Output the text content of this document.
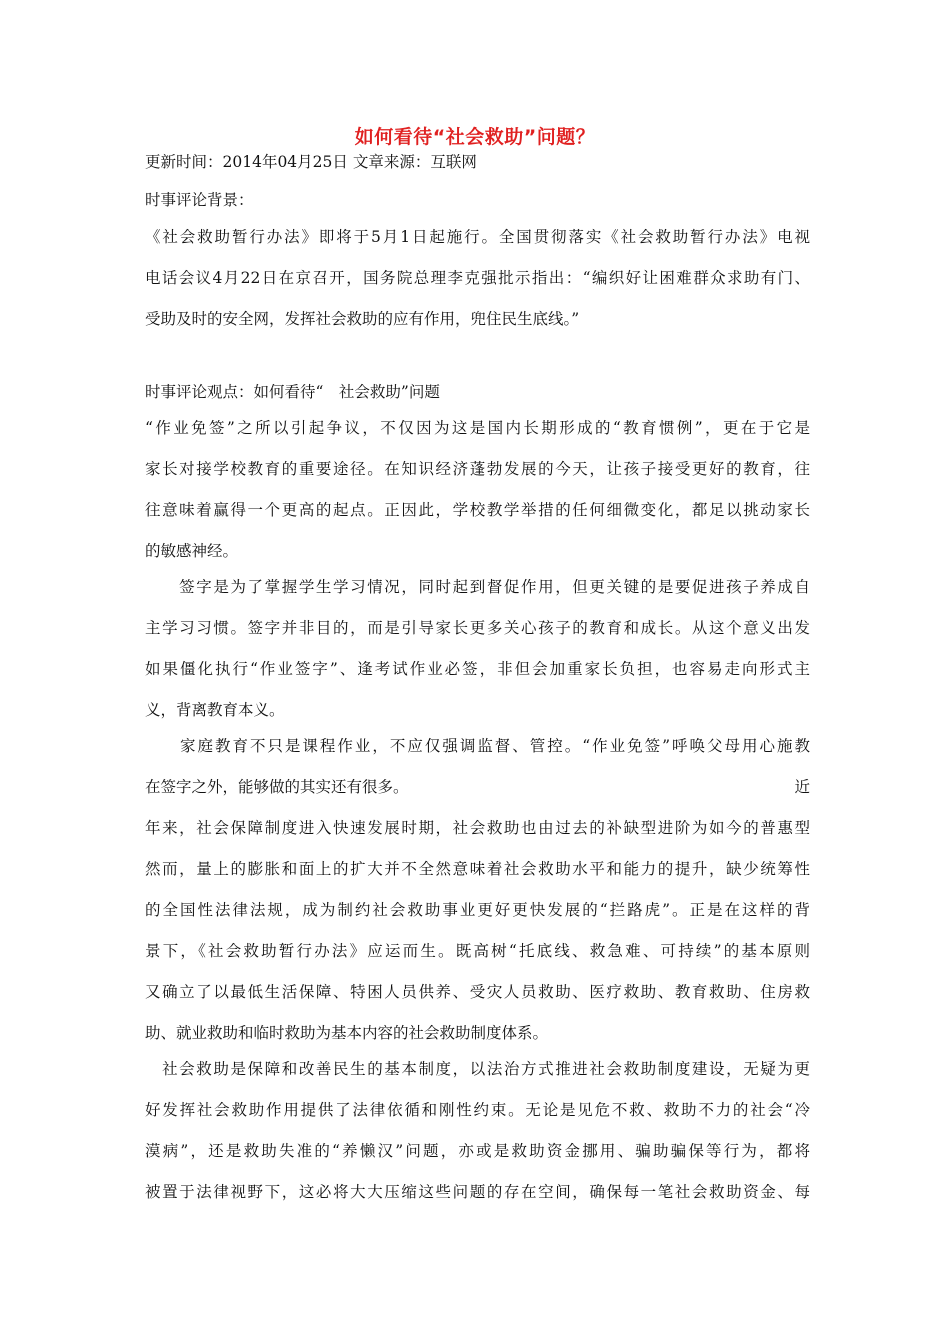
如何看待“社会救助”问题？
更新时间：2014年04月25日 文章来源：互联网
时事评论背景：
《社会救助暂行办法》即将于5月1日起施行。全国贯彻落实《社会救助暂行办法》电视
电话会议4月22日在京召开，国务院总理李克强批示指出：“编织好让困难群众求助有门、
受助及时的安全网，发挥社会救助的应有作用，兜住民生底线。”
时事评论观点：如何看待“　社会救助”问题
“作业免签”之所以引起争议，不仅因为这是国内长期形成的“教育惯例”，更在于它是
家长对接学校教育的重要途径。在知识经济蓬勃发展的今天，让孩子接受更好的教育，往
往意味着赢得一个更高的起点。正因此，学校教学举措的任何细微变化，都足以挑动家长
的敏感神经。
　　签字是为了掌握学生学习情况，同时起到督促作用，但更关键的是要促进孩子养成自
主学习习惯。签字并非目的，而是引导家长更多关心孩子的教育和成长。从这个意义出发
如果僵化执行“作业签字”、逢考试作业必签，非但会加重家长负担，也容易走向形式主
义，背离教育本义。
　　家庭教育不只是课程作业，不应仅强调监督、管控。“作业免签”呼唤父母用心施教
在签字之外，能够做的其实还有很多。	近
年来，社会保障制度进入快速发展时期，社会救助也由过去的补缺型进阶为如今的普惠型
然而，量上的膨胀和面上的扩大并不全然意味着社会救助水平和能力的提升，缺少统筹性
的全国性法律法规，成为制约社会救助事业更好更快发展的“拦路虎”。正是在这样的背
景下，《社会救助暂行办法》应运而生。既高树“托底线、救急难、可持续”的基本原则
又确立了以最低生活保障、特困人员供养、受灾人员救助、医疗救助、教育救助、住房救
助、就业救助和临时救助为基本内容的社会救助制度体系。
　社会救助是保障和改善民生的基本制度，以法治方式推进社会救助制度建设，无疑为更
好发挥社会救助作用提供了法律依循和刚性约束。无论是见危不救、救助不力的社会“冷
漠病”，还是救助失准的“养懒汉”问题，亦或是救助资金挪用、骗助骗保等行为，都将
被置于法律视野下，这必将大大压缩这些问题的存在空间，确保每一笔社会救助资金、每
